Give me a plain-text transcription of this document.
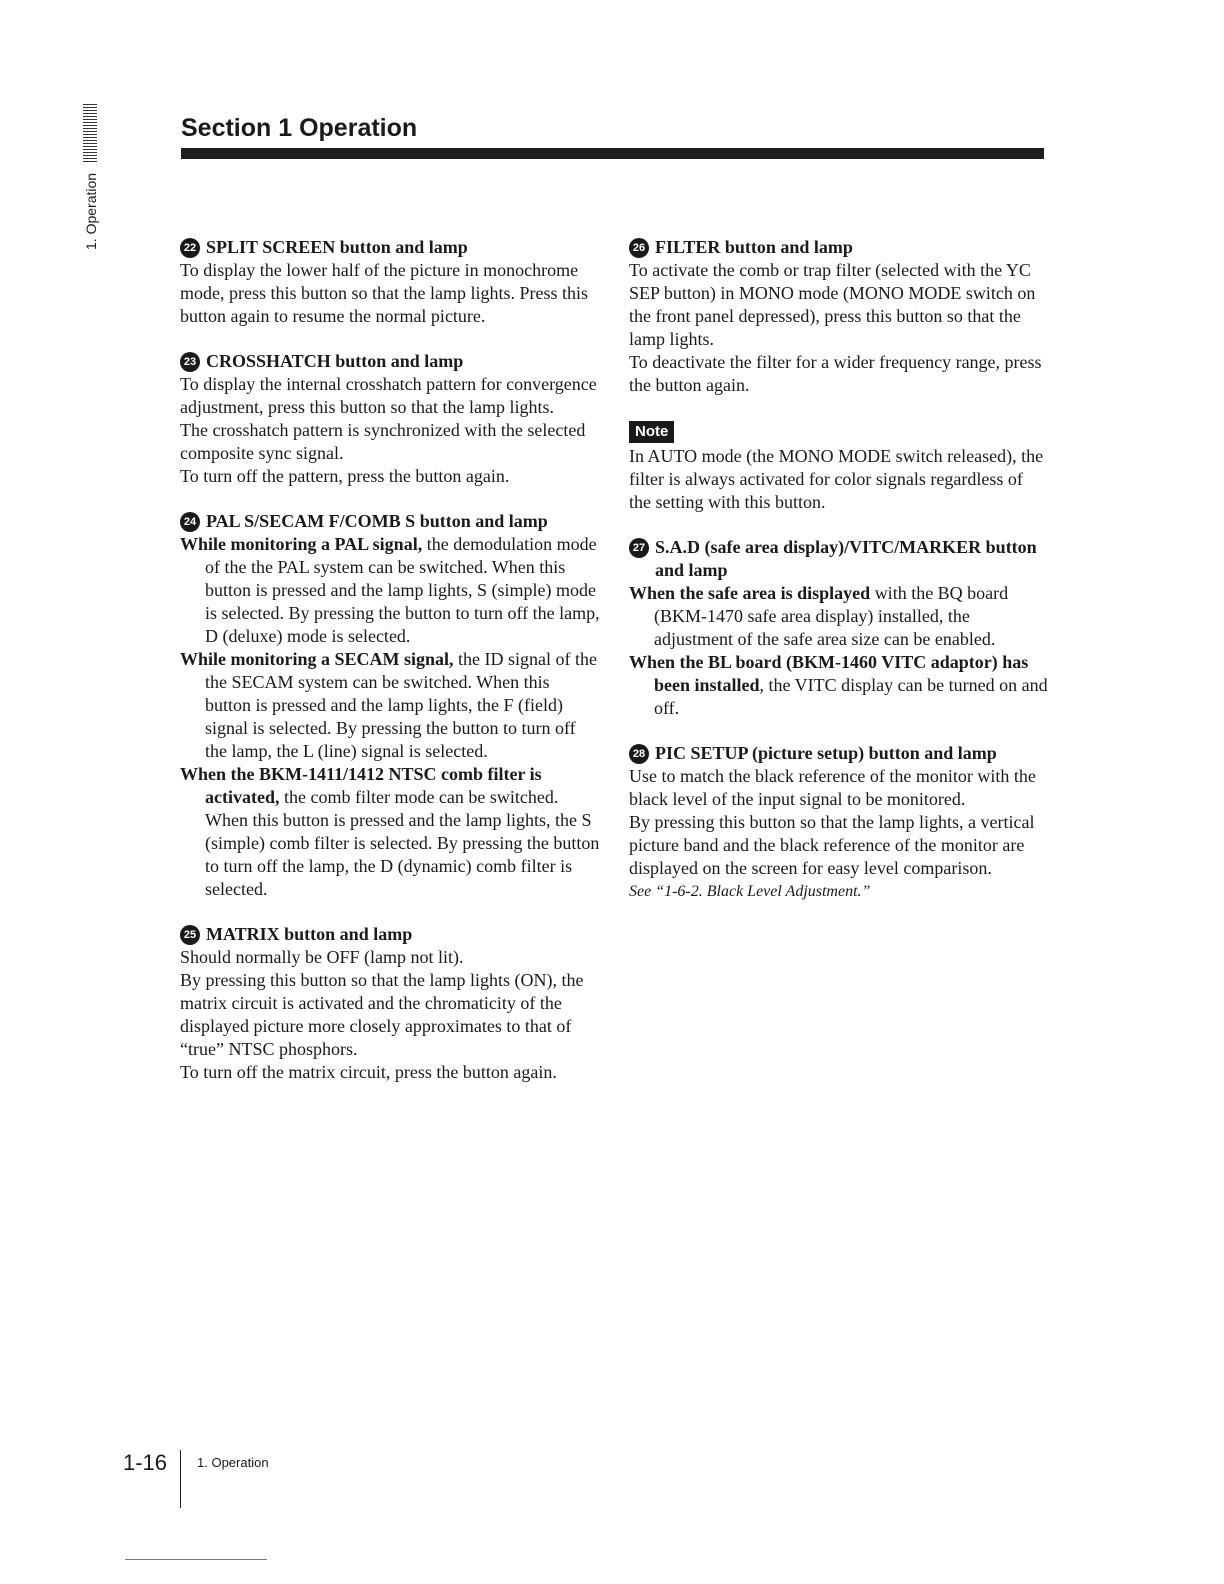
1. Operation
Section 1 Operation

22 SPLIT SCREEN button and lamp

To display the lower half of the picture in monochrome mode, press this button so that the lamp lights. Press this button again to resume the normal picture.

23 CROSSHATCH button and lamp

To display the internal crosshatch pattern for convergence adjustment, press this button so that the lamp lights.

The crosshatch pattern is synchronized with the selected composite sync signal.

To turn off the pattern, press the button again.

24 PAL S/SECAM F/COMB S button and lamp

While monitoring a PAL signal, the demodulation mode of the the PAL system can be switched. When this button is pressed and the lamp lights, S (simple) mode is selected. By pressing the button to turn off the lamp, D (deluxe) mode is selected.

While monitoring a SECAM signal, the ID signal of the the SECAM system can be switched. When this button is pressed and the lamp lights, the F (field) signal is selected. By pressing the button to turn off the lamp, the L (line) signal is selected.

When the BKM-1411/1412 NTSC comb filter is activated, the comb filter mode can be switched. When this button is pressed and the lamp lights, the S (simple) comb filter is selected. By pressing the button to turn off the lamp, the D (dynamic) comb filter is selected.

25 MATRIX button and lamp

Should normally be OFF (lamp not lit).

By pressing this button so that the lamp lights (ON), the matrix circuit is activated and the chromaticity of the displayed picture more closely approximates to that of “true” NTSC phosphors.

To turn off the matrix circuit, press the button again.

26 FILTER button and lamp

To activate the comb or trap filter (selected with the YC SEP button) in MONO mode (MONO MODE switch on the front panel depressed), press this button so that the lamp lights.

To deactivate the filter for a wider frequency range, press the button again.

Note

In AUTO mode (the MONO MODE switch released), the filter is always activated for color signals regardless of the setting with this button.

27 S.A.D (safe area display)/VITC/MARKER button and lamp

When the safe area is displayed with the BQ board (BKM-1470 safe area display) installed, the adjustment of the safe area size can be enabled.

When the BL board (BKM-1460 VITC adaptor) has been installed, the VITC display can be turned on and off.

28 PIC SETUP (picture setup) button and lamp

Use to match the black reference of the monitor with the black level of the input signal to be monitored.

By pressing this button so that the lamp lights, a vertical picture band and the black reference of the monitor are displayed on the screen for easy level comparison.

See “1-6-2. Black Level Adjustment.”

1-16 1. Operation
